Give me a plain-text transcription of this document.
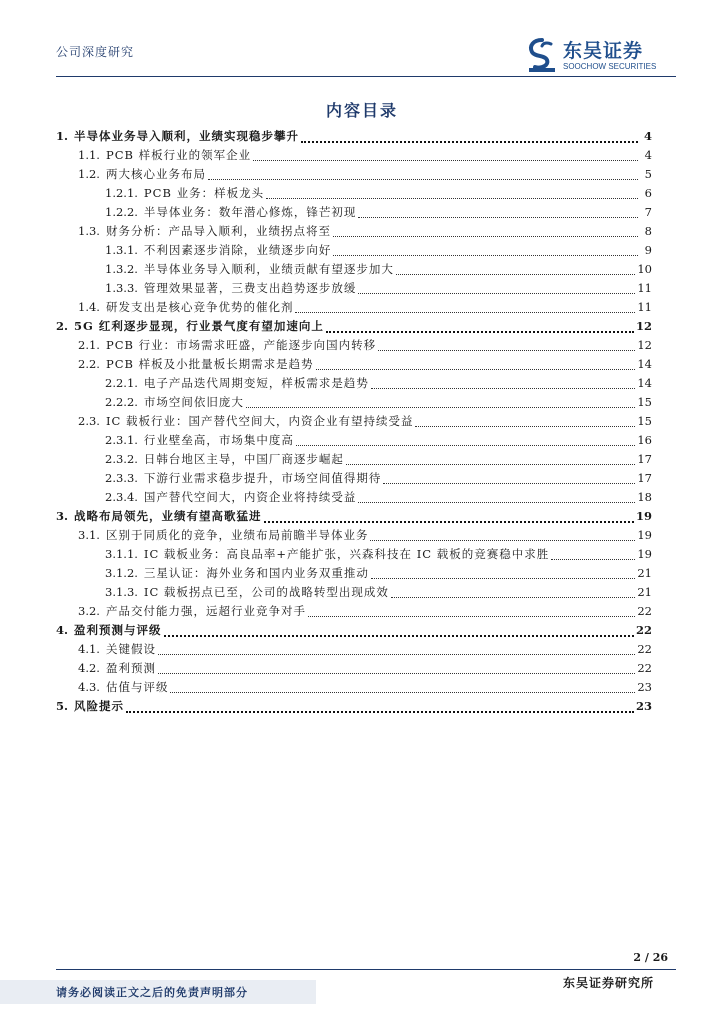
公司深度研究	东吴证券
SOOCHOW SECURITIES
内容目录
1. 半导体业务导入顺利，业绩实现稳步攀升	4
1.1. PCB 样板行业的领军企业	4
1.2. 两大核心业务布局	5
1.2.1. PCB 业务：样板龙头	6
1.2.2. 半导体业务：数年潜心修炼，锋芒初现	7
1.3. 财务分析：产品导入顺利，业绩拐点将至	8
1.3.1. 不利因素逐步消除，业绩逐步向好	9
1.3.2. 半导体业务导入顺利，业绩贡献有望逐步加大	10
1.3.3. 管理效果显著，三费支出趋势逐步放缓	11
1.4. 研发支出是核心竞争优势的催化剂	11
2. 5G 红利逐步显现，行业景气度有望加速向上	12
2.1. PCB 行业：市场需求旺盛，产能逐步向国内转移	12
2.2. PCB 样板及小批量板长期需求是趋势	14
2.2.1. 电子产品迭代周期变短，样板需求是趋势	14
2.2.2. 市场空间依旧庞大	15
2.3. IC 载板行业：国产替代空间大，内资企业有望持续受益	15
2.3.1. 行业壁垒高，市场集中度高	16
2.3.2. 日韩台地区主导，中国厂商逐步崛起	17
2.3.3. 下游行业需求稳步提升，市场空间值得期待	17
2.3.4. 国产替代空间大，内资企业将持续受益	18
3. 战略布局领先，业绩有望高歌猛进	19
3.1. 区别于同质化的竞争，业绩布局前瞻半导体业务	19
3.1.1. IC 载板业务：高良品率+产能扩张，兴森科技在 IC 载板的竞赛稳中求胜	19
3.1.2. 三星认证：海外业务和国内业务双重推动	21
3.1.3. IC 载板拐点已至，公司的战略转型出现成效	21
3.2. 产品交付能力强，远超行业竞争对手	22
4. 盈利预测与评级	22
4.1. 关键假设	22
4.2. 盈利预测	22
4.3. 估值与评级	23
5. 风险提示	23
2 / 26
请务必阅读正文之后的免责声明部分
东吴证券研究所
